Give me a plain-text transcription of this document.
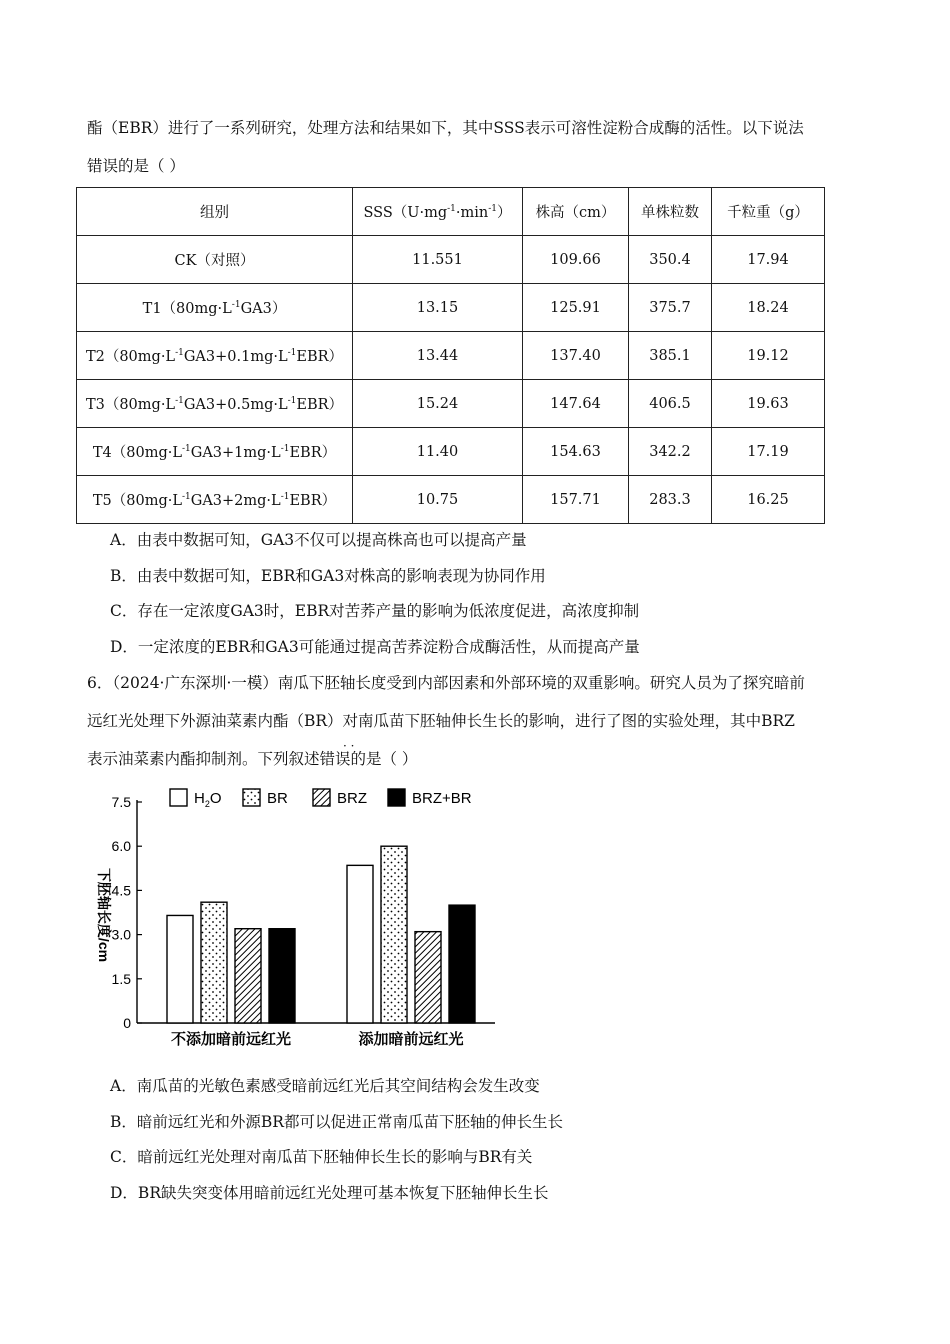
酯（EBR）进行了一系列研究，处理方法和结果如下，其中SSS表示可溶性淀粉合成酶的活性。以下说法
错误的是（ ）
组别	$SSS(U\cdot mg^{-1}\cdot\min^{-1})$	株高（cm）	单株粒数	千粒重（g）
CK（对照）	11.551	109.66	350.4	17.94
$T1(80mg\cdot L^{-1}GA3)$	13.15	125.91	375.7	18.24
$T2(80mg\cdot L^{-1}GA3+0.1mg\cdot L^{-1}EBR)$	13.44	137.40	385.1	19.12
$T3(80mg\cdot L^{-1}GA3+0.5mg\cdot L^{-1}EBR)$	15.24	147.64	406.5	19.63
$T4(80mg\cdot L^{-1}GA3+1mg\cdot L^{-1}EBR)$	11.40	154.63	342.2	17.19
$T5(80mg\cdot L^{-1}GA3+2mg\cdot L^{-1}EBR)$	10.75	157.71	283.3	16.25
A．由表中数据可知，GA3不仅可以提高株高也可以提高产量
B．由表中数据可知，EBR和GA3对株高的影响表现为协同作用
C．存在一定浓度GA3时，EBR对苦荞产量的影响为低浓度促进，高浓度抑制
D．一定浓度的EBR和GA3可能通过提高苦荞淀粉合成酶活性，从而提高产量
6．（2024·广东深圳·一模）南瓜下胚轴长度受到内部因素和外部环境的双重影响。研究人员为了探究暗前
远红光处理下外源油菜素内酯（BR）对南瓜苗下胚轴伸长生长的影响，进行了图的实验处理，其中BRZ
· ·
表示油菜素内酯抑制剂。下列叙述错误的是（ ）
0
1.5
3.0
4.5
6.0
7.5
下胚轴长度/cm
不添加暗前远红光	添加暗前远红光
$H_2O$	BR	BRZ	BRZ+BR
A．南瓜苗的光敏色素感受暗前远红光后其空间结构会发生改变
B．暗前远红光和外源BR都可以促进正常南瓜苗下胚轴的伸长生长
C．暗前远红光处理对南瓜苗下胚轴伸长生长的影响与BR有关
D．BR缺失突变体用暗前远红光处理可基本恢复下胚轴伸长生长
